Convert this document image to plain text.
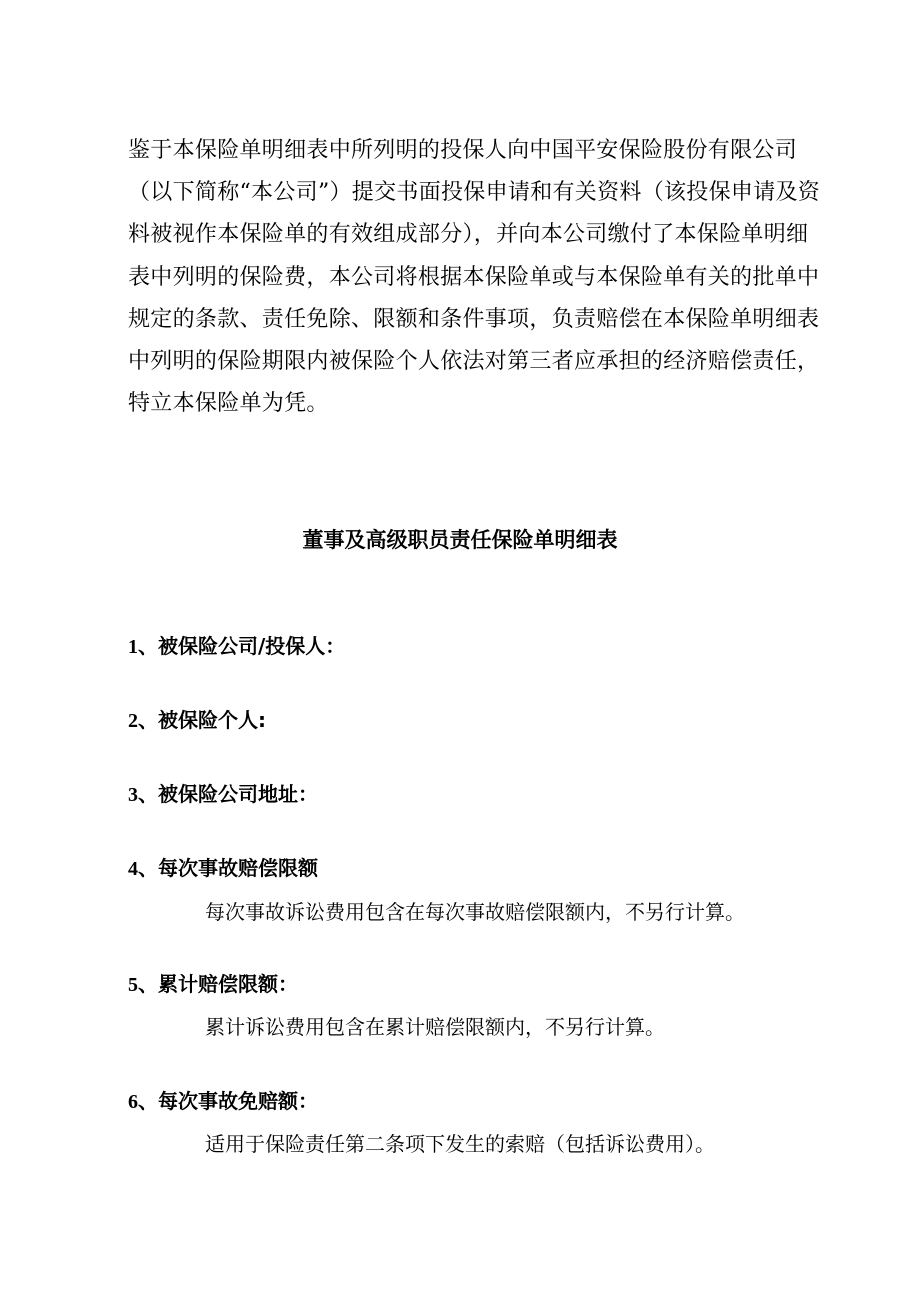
鉴于本保险单明细表中所列明的投保人向中国平安保险股份有限公司
（以下简称“本公司”）提交书面投保申请和有关资料（该投保申请及资
料被视作本保险单的有效组成部分），并向本公司缴付了本保险单明细
表中列明的保险费，本公司将根据本保险单或与本保险单有关的批单中
规定的条款、责任免除、限额和条件事项，负责赔偿在本保险单明细表
中列明的保险期限内被保险个人依法对第三者应承担的经济赔偿责任，
特立本保险单为凭。
董事及高级职员责任保险单明细表
1、被保险公司/投保人：
2、被保险个人:
3、被保险公司地址：
4、每次事故赔偿限额

每次事故诉讼费用包含在每次事故赔偿限额内，不另行计算。

5、累计赔偿限额：

累计诉讼费用包含在累计赔偿限额内，不另行计算。

6、每次事故免赔额：

适用于保险责任第二条项下发生的索赔（包括诉讼费用）。
